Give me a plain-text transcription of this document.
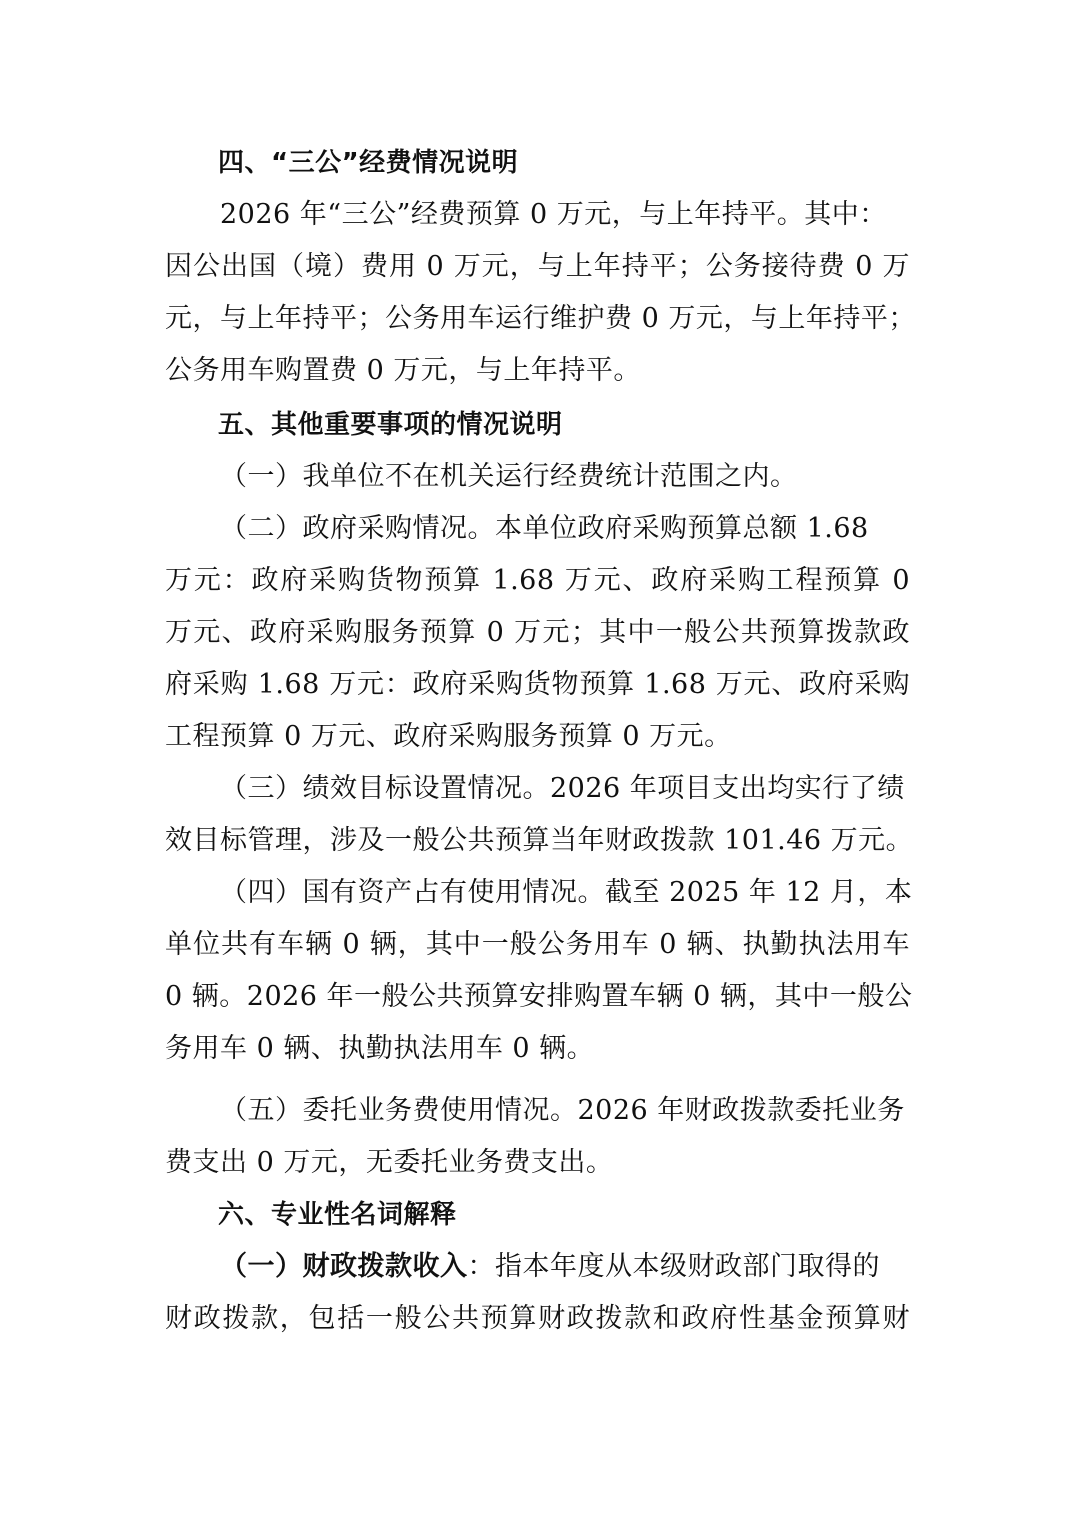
四、“三公”经费情况说明
2026 年“三公”经费预算 0 万元，与上年持平。其中：
因公出国（境）费用 0 万元，与上年持平；公务接待费 0 万
元，与上年持平；公务用车运行维护费 0 万元，与上年持平；
公务用车购置费 0 万元，与上年持平。
五、其他重要事项的情况说明
（一）我单位不在机关运行经费统计范围之内。
（二）政府采购情况。本单位政府采购预算总额 1.68
万元：政府采购货物预算 1.68 万元、政府采购工程预算 0
万元、政府采购服务预算 0 万元；其中一般公共预算拨款政
府采购 1.68 万元：政府采购货物预算 1.68 万元、政府采购
工程预算 0 万元、政府采购服务预算 0 万元。
（三）绩效目标设置情况。2026 年项目支出均实行了绩
效目标管理，涉及一般公共预算当年财政拨款 101.46 万元。
（四）国有资产占有使用情况。截至 2025 年 12 月，本
单位共有车辆 0 辆，其中一般公务用车 0 辆、执勤执法用车
0 辆。2026 年一般公共预算安排购置车辆 0 辆，其中一般公
务用车 0 辆、执勤执法用车 0 辆。
（五）委托业务费使用情况。2026 年财政拨款委托业务
费支出 0 万元，无委托业务费支出。
六、专业性名词解释
（一）财政拨款收入：指本年度从本级财政部门取得的
财政拨款，包括一般公共预算财政拨款和政府性基金预算财
